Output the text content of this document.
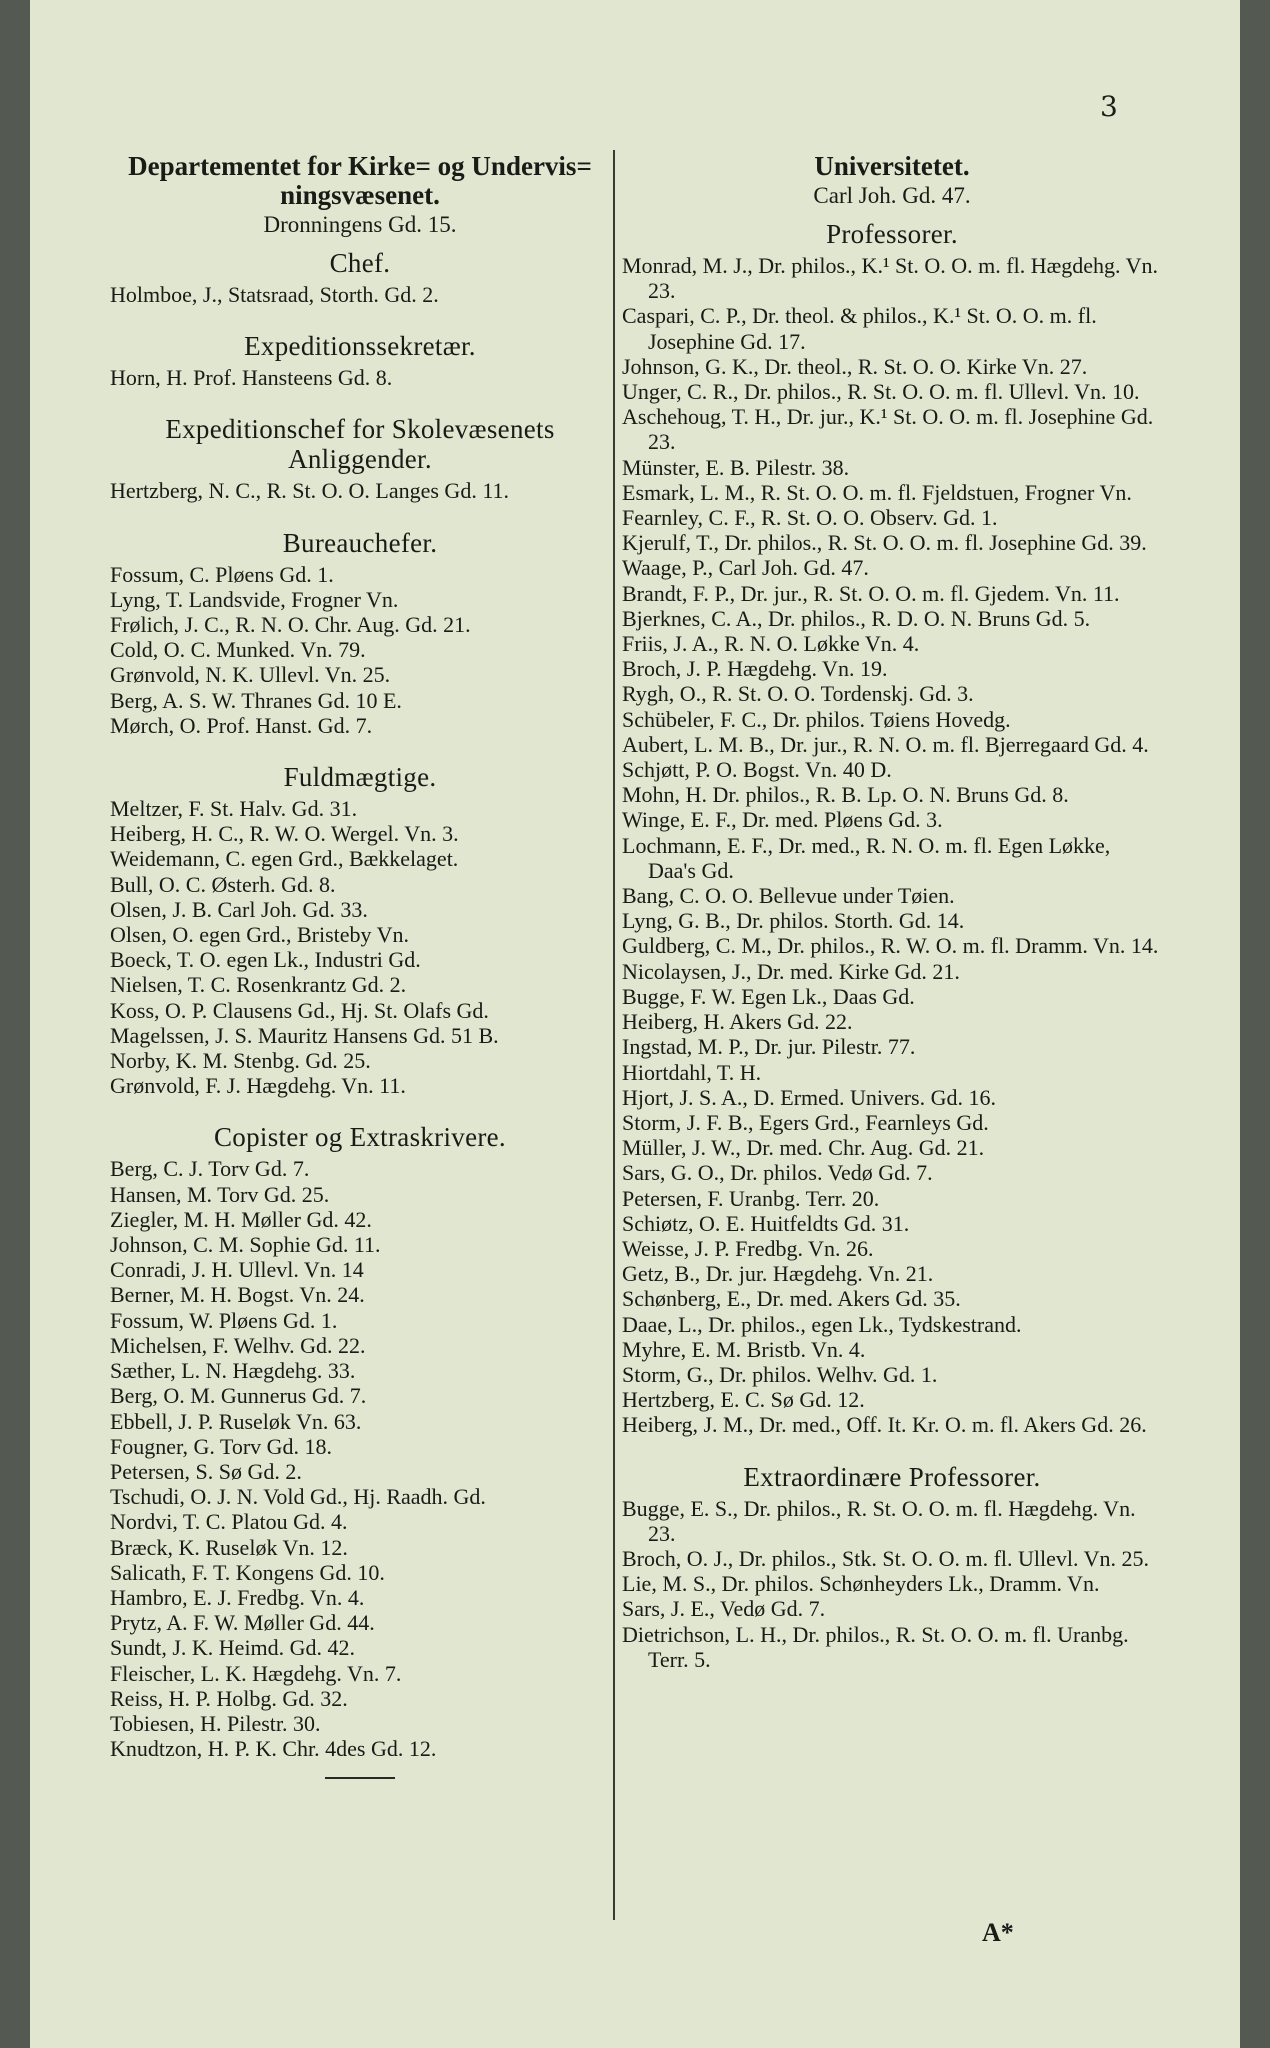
3

Departementet for Kirke= og Undervis= ningsvæsenet.

Dronningens Gd. 15.

Chef.

Holmboe, J., Statsraad, Storth. Gd. 2.

Expeditionssekretær.

Horn, H. Prof. Hansteens Gd. 8.

Expeditionschef for Skolevæsenets Anliggender.

Hertzberg, N. C., R. St. O. O. Langes Gd. 11.

Bureauchefer.

Fossum, C. Pløens Gd. 1.

Lyng, T. Landsvide, Frogner Vn.

Frølich, J. C., R. N. O. Chr. Aug. Gd. 21.

Cold, O. C. Munked. Vn. 79.

Grønvold, N. K. Ullevl. Vn. 25.

Berg, A. S. W. Thranes Gd. 10 E.

Mørch, O. Prof. Hanst. Gd. 7.

Fuldmægtige.

Meltzer, F. St. Halv. Gd. 31.

Heiberg, H. C., R. W. O. Wergel. Vn. 3.

Weidemann, C. egen Grd., Bækkelaget.

Bull, O. C. Østerh. Gd. 8.

Olsen, J. B. Carl Joh. Gd. 33.

Olsen, O. egen Grd., Bristeby Vn.

Boeck, T. O. egen Lk., Industri Gd.

Nielsen, T. C. Rosenkrantz Gd. 2.

Koss, O. P. Clausens Gd., Hj. St. Olafs Gd.

Magelssen, J. S. Mauritz Hansens Gd. 51 B.

Norby, K. M. Stenbg. Gd. 25.

Grønvold, F. J. Hægdehg. Vn. 11.

Copister og Extraskrivere.

Berg, C. J. Torv Gd. 7.

Hansen, M. Torv Gd. 25.

Ziegler, M. H. Møller Gd. 42.

Johnson, C. M. Sophie Gd. 11.

Conradi, J. H. Ullevl. Vn. 14

Berner, M. H. Bogst. Vn. 24.

Fossum, W. Pløens Gd. 1.

Michelsen, F. Welhv. Gd. 22.

Sæther, L. N. Hægdehg. 33.

Berg, O. M. Gunnerus Gd. 7.

Ebbell, J. P. Ruseløk Vn. 63.

Fougner, G. Torv Gd. 18.

Petersen, S. Sø Gd. 2.

Tschudi, O. J. N. Vold Gd., Hj. Raadh. Gd.

Nordvi, T. C. Platou Gd. 4.

Bræck, K. Ruseløk Vn. 12.

Salicath, F. T. Kongens Gd. 10.

Hambro, E. J. Fredbg. Vn. 4.

Prytz, A. F. W. Møller Gd. 44.

Sundt, J. K. Heimd. Gd. 42.

Fleischer, L. K. Hægdehg. Vn. 7.

Reiss, H. P. Holbg. Gd. 32.

Tobiesen, H. Pilestr. 30.

Knudtzon, H. P. K. Chr. 4des Gd. 12.

Universitetet.

Carl Joh. Gd. 47.

Professorer.

Monrad, M. J., Dr. philos., K.¹ St. O. O. m. fl. Hægdehg. Vn. 23.

Caspari, C. P., Dr. theol. & philos., K.¹ St. O. O. m. fl. Josephine Gd. 17.

Johnson, G. K., Dr. theol., R. St. O. O. Kirke Vn. 27.

Unger, C. R., Dr. philos., R. St. O. O. m. fl. Ullevl. Vn. 10.

Aschehoug, T. H., Dr. jur., K.¹ St. O. O. m. fl. Josephine Gd. 23.

Münster, E. B. Pilestr. 38.

Esmark, L. M., R. St. O. O. m. fl. Fjeldstuen, Frogner Vn.

Fearnley, C. F., R. St. O. O. Observ. Gd. 1.

Kjerulf, T., Dr. philos., R. St. O. O. m. fl. Josephine Gd. 39.

Waage, P., Carl Joh. Gd. 47.

Brandt, F. P., Dr. jur., R. St. O. O. m. fl. Gjedem. Vn. 11.

Bjerknes, C. A., Dr. philos., R. D. O. N. Bruns Gd. 5.

Friis, J. A., R. N. O. Løkke Vn. 4.

Broch, J. P. Hægdehg. Vn. 19.

Rygh, O., R. St. O. O. Tordenskj. Gd. 3.

Schübeler, F. C., Dr. philos. Tøiens Hovedg.

Aubert, L. M. B., Dr. jur., R. N. O. m. fl. Bjerregaard Gd. 4.

Schjøtt, P. O. Bogst. Vn. 40 D.

Mohn, H. Dr. philos., R. B. Lp. O. N. Bruns Gd. 8.

Winge, E. F., Dr. med. Pløens Gd. 3.

Lochmann, E. F., Dr. med., R. N. O. m. fl. Egen Løkke, Daa's Gd.

Bang, C. O. O. Bellevue under Tøien.

Lyng, G. B., Dr. philos. Storth. Gd. 14.

Guldberg, C. M., Dr. philos., R. W. O. m. fl. Dramm. Vn. 14.

Nicolaysen, J., Dr. med. Kirke Gd. 21.

Bugge, F. W. Egen Lk., Daas Gd.

Heiberg, H. Akers Gd. 22.

Ingstad, M. P., Dr. jur. Pilestr. 77.

Hiortdahl, T. H.

Hjort, J. S. A., D. Ermed. Univers. Gd. 16.

Storm, J. F. B., Egers Grd., Fearnleys Gd.

Müller, J. W., Dr. med. Chr. Aug. Gd. 21.

Sars, G. O., Dr. philos. Vedø Gd. 7.

Petersen, F. Uranbg. Terr. 20.

Schiøtz, O. E. Huitfeldts Gd. 31.

Weisse, J. P. Fredbg. Vn. 26.

Getz, B., Dr. jur. Hægdehg. Vn. 21.

Schønberg, E., Dr. med. Akers Gd. 35.

Daae, L., Dr. philos., egen Lk., Tydskestrand.

Myhre, E. M. Bristb. Vn. 4.

Storm, G., Dr. philos. Welhv. Gd. 1.

Hertzberg, E. C. Sø Gd. 12.

Heiberg, J. M., Dr. med., Off. It. Kr. O. m. fl. Akers Gd. 26.

Extraordinære Professorer.

Bugge, E. S., Dr. philos., R. St. O. O. m. fl. Hægdehg. Vn. 23.

Broch, O. J., Dr. philos., Stk. St. O. O. m. fl. Ullevl. Vn. 25.

Lie, M. S., Dr. philos. Schønheyders Lk., Dramm. Vn.

Sars, J. E., Vedø Gd. 7.

Dietrichson, L. H., Dr. philos., R. St. O. O. m. fl. Uranbg. Terr. 5.

A*
